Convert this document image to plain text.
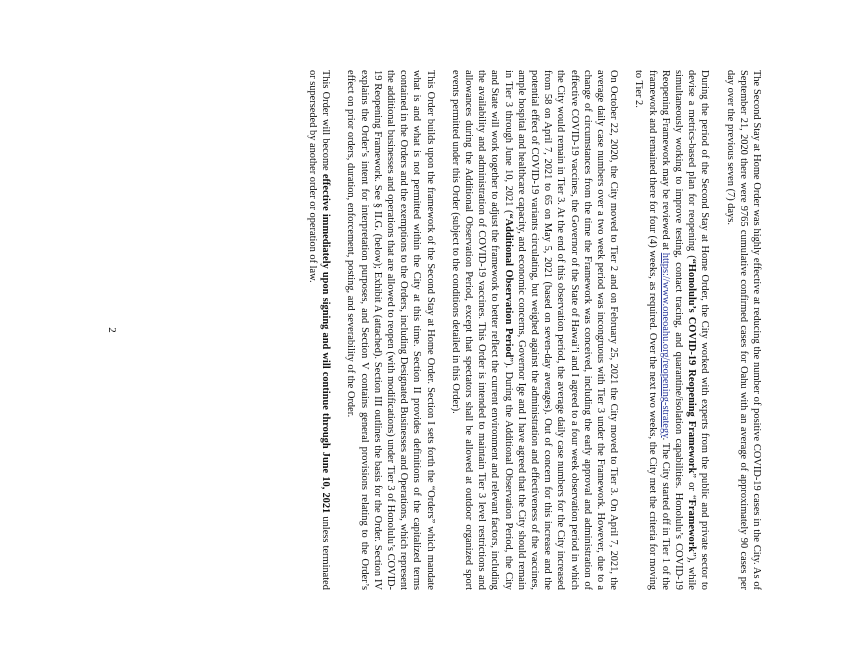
The Second Stay at Home Order was highly effective at reducing the number of positive COVID-19 cases in the City. As of September 21, 2020 there were 9765 cumulative confirmed cases for Oahu with an average of approximately 90 cases per day over the previous seven (7) days.

During the period of the Second Stay at Home Order, the City worked with experts from the public and private sector to devise a metrics-based plan for reopening (“Honolulu’s COVID-19 Reopening Framework” or “Framework”), while simultaneously working to improve testing, contact tracing, and quarantine/isolation capabilities. Honolulu’s COVID-19 Reopening Framework may be reviewed at https://www.oneoahu.org/reopening-strategy. The City started off in Tier 1 of the framework and remained there for four (4) weeks, as required. Over the next two weeks, the City met the criteria for moving to Tier 2.

On October 22, 2020, the City moved to Tier 2 and on February 25, 2021 the City moved to Tier 3. On April 7, 2021, the average daily case numbers over a two week period was incongruous with Tier 3 under the Framework. However, due to a change of circumstances from the time the Framework was conceived, including the early approval and administration of effective COVID-19 vaccines, the Governor of the State of Hawai’i and I agreed to a four week observation period in which the City would remain in Tier 3. At the end of this observation period, the average daily case numbers for the City increased from 58 on April 7, 2021 to 65 on May 5, 2021 (based on seven-day averages). Out of concern for this increase and the potential effect of COVID-19 variants circulating, but weighed against the administration and effectiveness of the vaccines, ample hospital and healthcare capacity, and economic concerns, Governor Ige and I have agreed that the City should remain in Tier 3 through June 10, 2021 (“Additional Observation Period”). During the Additional Observation Period, the City and State will work together to adjust the framework to better reflect the current environment and relevant factors, including the availability and administration of COVID-19 vaccines. This Order is intended to maintain Tier 3 level restrictions and allowances during the Additional Observation Period, except that spectators shall be allowed at outdoor organized sport events permitted under this Order (subject to the conditions detailed in this Order).

This Order builds upon the framework of the Second Stay at Home Order. Section I sets forth the “Orders” which mandate what is and what is not permitted within the City at this time. Section II provides definitions of the capitalized terms contained in the Orders and the exemptions to the Orders, including Designated Businesses and Operations, which represent the additional businesses and operations that are allowed to reopen (with modifications) under Tier 3 of Honolulu’s COVID-19 Reopening Framework. See § II.G. (below); Exhibit A (attached). Section III outlines the basis for the Order. Section IV explains the Order’s intent for interpretation purposes, and Section V contains general provisions relating to the Order’s effect on prior orders, duration, enforcement, posting, and severability of the Order.

This Order will become effective immediately upon signing and will continue through June 10, 2021 unless terminated or superseded by another order or operation of law.

2
